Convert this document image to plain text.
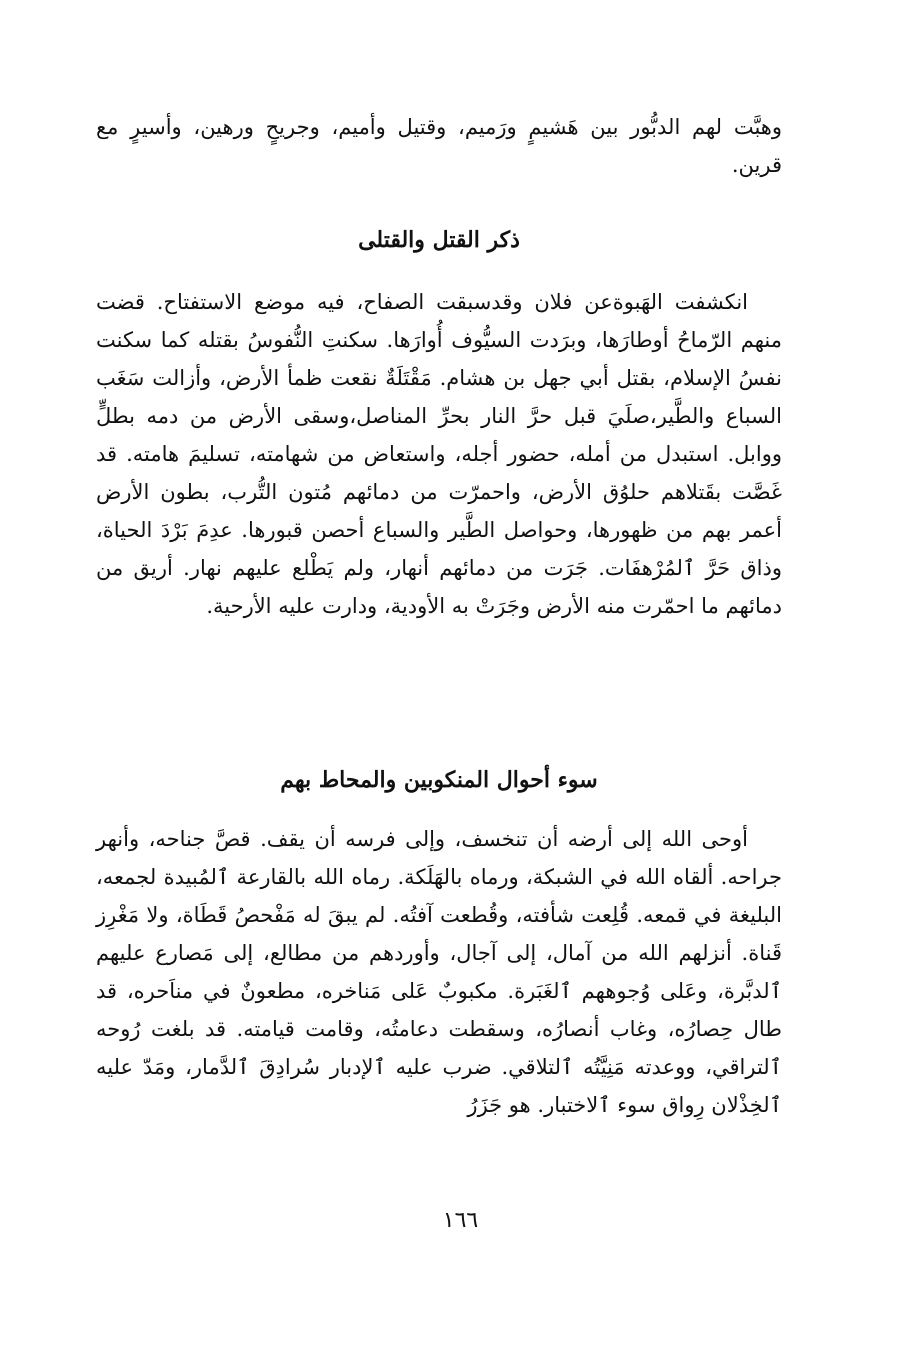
وهبَّت لهم الدبُّور بين هَشيمٍ ورَميم، وقتيل وأميم، وجريحٍ ورهين، وأسيرٍ مع قرين.

ذكر القتل والقتلى

انكشفت الهَبوةعن فلان وقدسبقت الصفاح، فيه موضع الاستفتاح. قضت منهم الرّماحُ أوطارَها، وبرَدت السيُّوف أُوارَها. سكنتِ النُّفوسُ بقتله كما سكنت نفسُ الإسلام، بقتل أبي جهل بن هشام. مَقْتَلَةٌ نقعت ظمأ الأرض، وأزالت سَغَب السباع والطَّير،صلَيَ قبل حرَّ النار بحرِّ المناصل،وسقى الأرض من دمه بطلٍّ ووابل. استبدل من أمله، حضور أجله، واستعاض من شهامته، تسليمَ هامته. قد غَصَّت بقَتلاهم حلوُق الأرض، واحمرّت من دمائهم مُتون التُّرب، بطون الأرض أعمر بهم من ظهورها، وحواصل الطَّير والسباع أحصن قبورها. عدِمَ بَرْدَ الحياة، وذاق حَرَّ ٱلمُرْهفَات. جَرَت من دمائهم أنهار، ولم يَطْلع عليهم نهار. أريق من دمائهم ما احمّرت منه الأرض وجَرَتْ به الأودية، ودارت عليه الأرحية.

سوء أحوال المنكوبين والمحاط بهم

أوحى الله إلى أرضه أن تنخسف، وإلى فرسه أن يقف. قصَّ جناحه، وأنهر جراحه. ألقاه الله في الشبكة، ورماه بالهَلَكة. رماه الله بالقارعة ٱلمُبيدة لجمعه، البليغة في قمعه. قُلِعت شأفته، وقُطعت آفتُه. لم يبقَ له مَفْحصُ قَطَاة، ولا مَغْرِز قَناة. أنزلهم الله من آمال، إلى آجال، وأوردهم من مطالع، إلى مَصارع عليهم ٱلدبَّرة، وعَلى وُجوههم ٱلغَبَرة. مكبوبٌ عَلى مَناخره، مطعونٌ في مناَحره، قد طال حِصارُه، وغاب أنصارُه، وسقطت دعامتُه، وقامت قيامته. قد بلغت رُوحه ٱلتراقي، ووعدته مَنِيَّتُه ٱلتلاقي. ضرب عليه ٱلإدبار سُرادِقَ ٱلدَّمار، ومَدّ عليه ٱلخِذْلان رِواق سوء ٱلاختبار. هو جَزَرُ

١٦٦
